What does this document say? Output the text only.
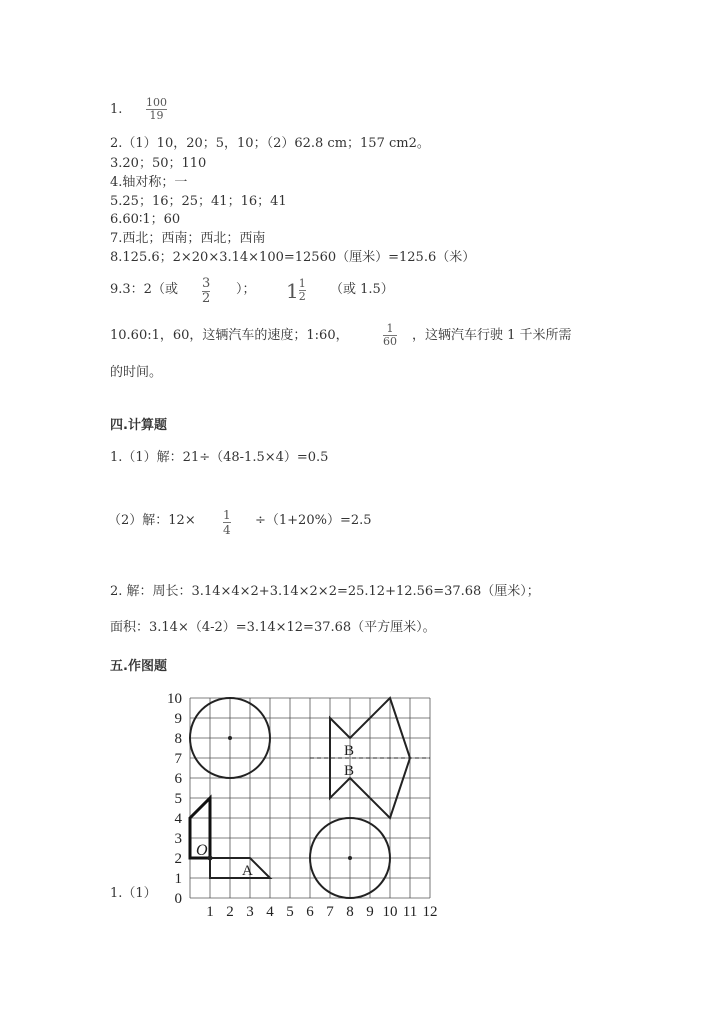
1. 100
19
2.（1）10，20；5，10；（2）62.8 cm；157 cm2。
3.20；50；110
4.轴对称；一
5.25；16；25；41；16；41
6.60∶1；60
7.西北；西南；西北；西南
8.125.6；2×20×3.14×100=12560（厘米）=125.6（米）
9.3：2（或 3
2
）； $1 \frac{1}{2}$ （或 1.5）
10.60:1，60，这辆汽车的速度；1:60，	1
60 ，这辆汽车行驶 1 千米所需
的时间。
四.计算题
1.（1）解：21÷（48-1.5×4）=0.5
（2）解：12× 1
4
÷（1+20%）=2.5
2. 解：周长：3.14×4×2+3.14×2×2=25.12+12.56=37.68（厘米）；
面积：3.14×（4-2）=3.14×12=37.68（平方厘米）。
五.作图题
1.（1）
1 2 3 4 5 6 7 8 9 10 11 12
0
1
2
3
4
5
6
7
8
9
10
O
A
B
B
